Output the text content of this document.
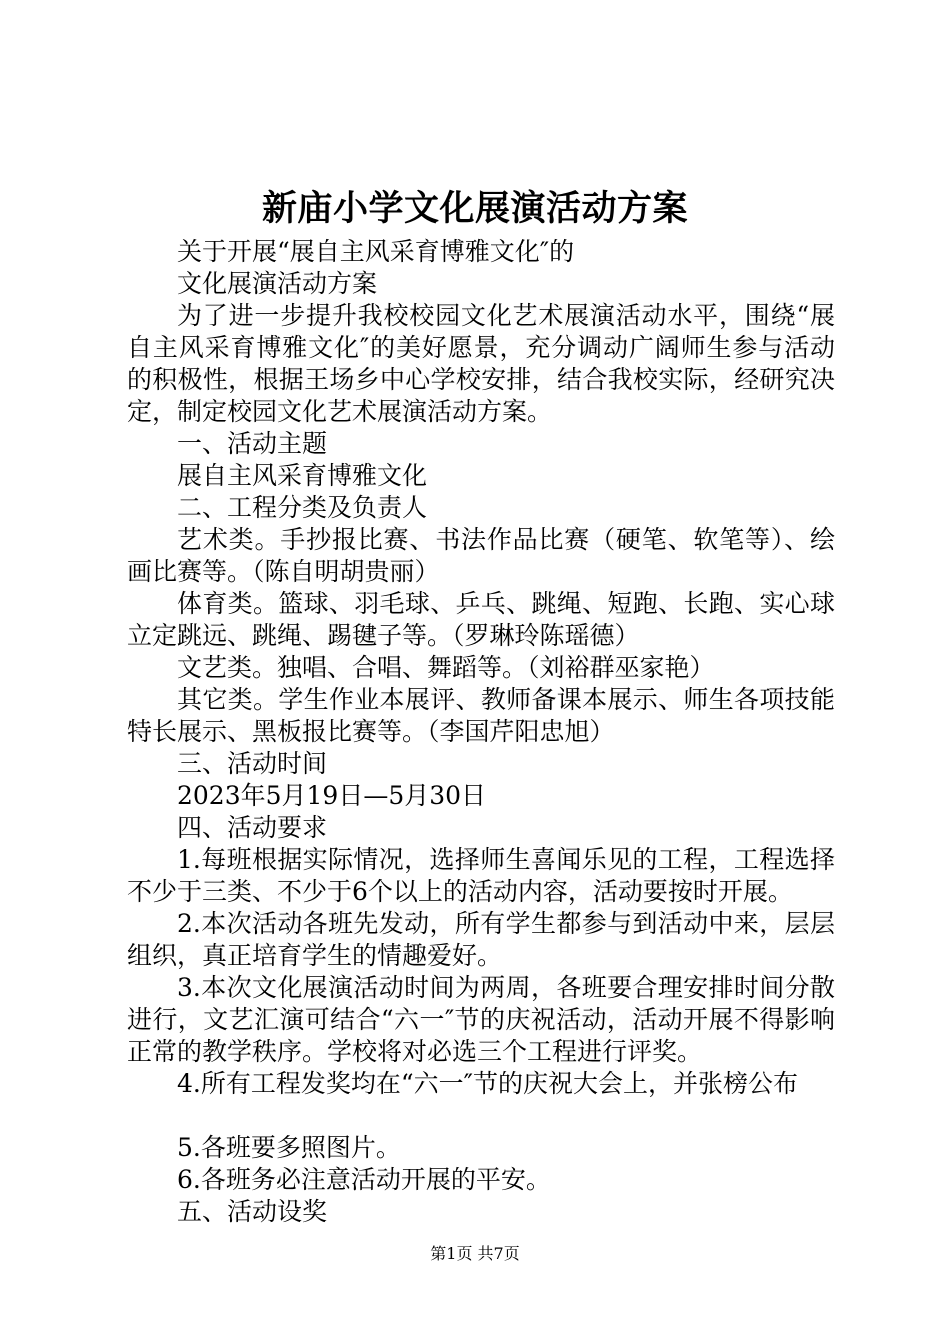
新庙小学文化展演活动方案

关于开展“展自主风采育博雅文化″的

文化展演活动方案

为了进一步提升我校校园文化艺术展演活动水平，围绕“展自主风采育博雅文化″的美好愿景，充分调动广阔师生参与活动的积极性，根据王场乡中心学校安排，结合我校实际，经研究决定，制定校园文化艺术展演活动方案。

一、活动主题

展自主风采育博雅文化

二、工程分类及负责人

艺术类。手抄报比赛、书法作品比赛（硬笔、软笔等）、绘画比赛等。（陈自明胡贵丽）

体育类。篮球、羽毛球、乒乓、跳绳、短跑、长跑、实心球立定跳远、跳绳、踢毽子等。（罗琳玲陈瑶德）

文艺类。独唱、合唱、舞蹈等。（刘裕群巫家艳）

其它类。学生作业本展评、教师备课本展示、师生各项技能特长展示、黑板报比赛等。（李国芹阳忠旭）

三、活动时间

2023年5月19日—5月30日

四、活动要求

1.每班根据实际情况，选择师生喜闻乐见的工程，工程选择不少于三类、不少于6个以上的活动内容，活动要按时开展。

2.本次活动各班先发动，所有学生都参与到活动中来，层层组织，真正培育学生的情趣爱好。

3.本次文化展演活动时间为两周，各班要合理安排时间分散进行，文艺汇演可结合“六一″节的庆祝活动，活动开展不得影响正常的教学秩序。学校将对必选三个工程进行评奖。

4.所有工程发奖均在“六一″节的庆祝大会上，并张榜公布

5.各班要多照图片。

6.各班务必注意活动开展的平安。

五、活动设奖

第1页 共7页
